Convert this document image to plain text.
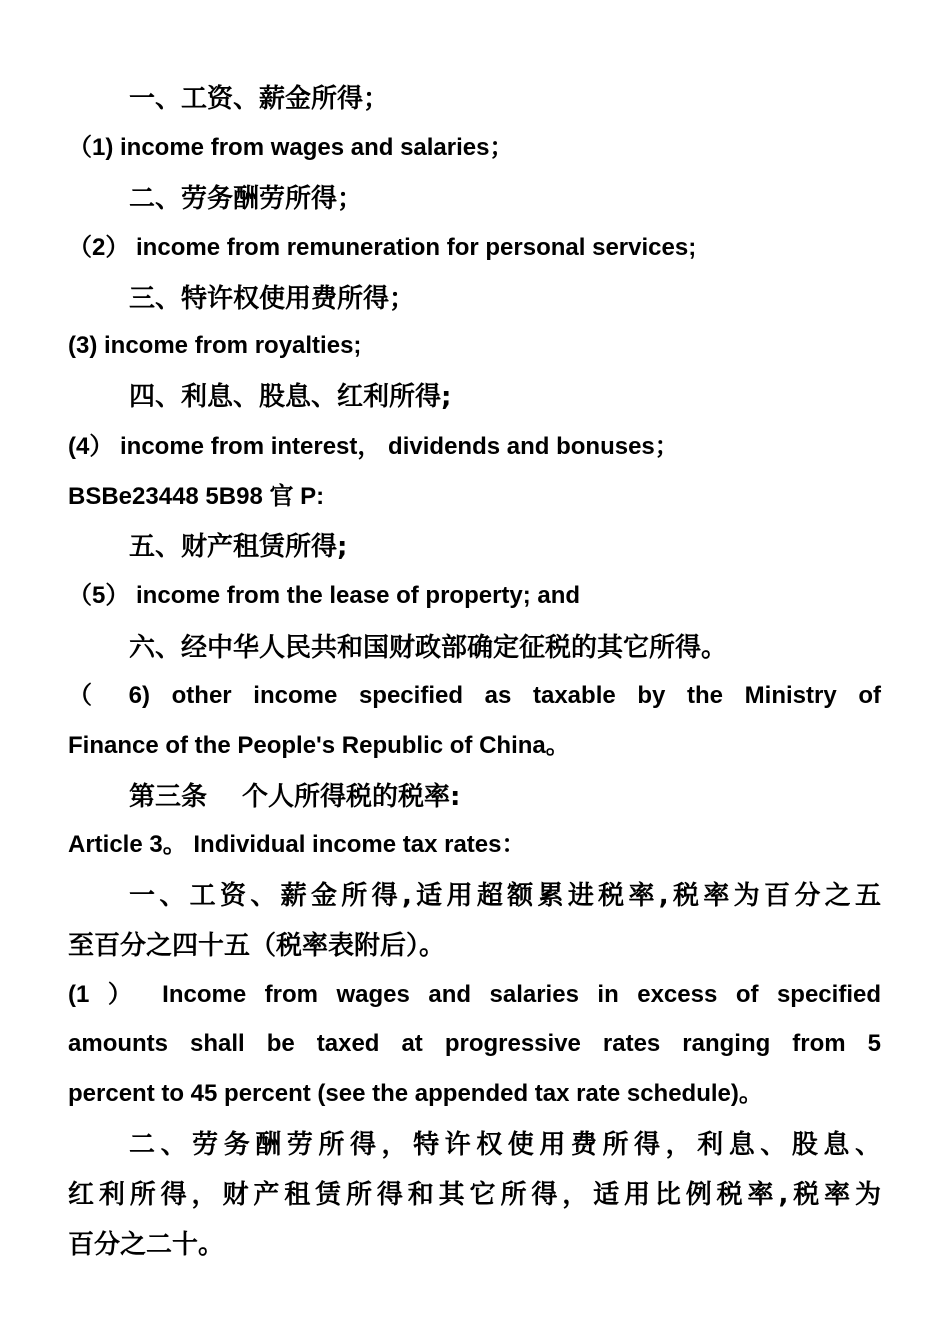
一、工资、薪金所得；
（1) income from wages and salaries；
二、劳务酬劳所得；
（2） income from remuneration for personal services;
三、特许权使用费所得；
(3) income from royalties;
四、利息、股息、红利所得;
(4） income from interest， dividends and bonuses；
BSBe23448 5B98 官 P:
五、财产租赁所得;
（5） income from the lease of property; and
六、经中华人民共和国财政部确定征税的其它所得。
（ 6) other income specified as taxable by the Ministry of
Finance of the People's Republic of China。
第三条　 个人所得税的税率:
Article 3。 Individual income tax rates：
一、工资、薪金所得,适用超额累进税率,税率为百分之五
至百分之四十五（税率表附后）。
(1 ） Income from wages and salaries in excess of specified
amounts shall be taxed at progressive rates ranging from 5
percent to 45 percent (see the appended tax rate schedule)。
二、劳务酬劳所得，特许权使用费所得，利息、股息、
红利所得，财产租赁所得和其它所得，适用比例税率,税率为
百分之二十。
